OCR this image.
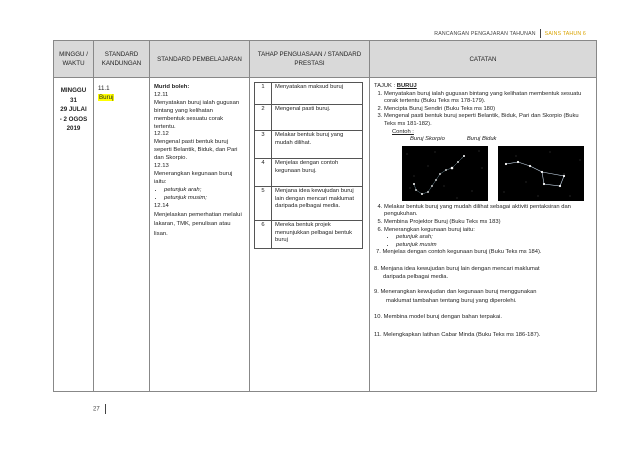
RANCANGAN PENGAJARAN TAHUNAN SAINS TAHUN 6
MINGGU / WAKTU	STANDARD KANDUNGAN	STANDARD PEMBELAJARAN	TAHAP PENGUASAAN / STANDARD PRESTASI	CATATAN

MINGGU
31
29 JULAI
- 2 OGOS
2019

11.1
Buruj

Murid boleh:
12.11
Menyatakan buruj ialah gugusan bintang yang kelihatan membentuk sesuatu corak tertentu.
12.12
Mengenal pasti bentuk buruj seperti Belantik, Biduk, dan Pari dan Skorpio.
12.13
Menerangkan kegunaan buruj iaitu:
• petunjuk arah;
• petunjuk musim;
12.14
Menjelaskan pemerhatian melalui lakaran, TMK, penulisan atau lisan.

1	Menyatakan maksud buruj
2	Mengenal pasti buruj.
3	Melakar bentuk buruj yang mudah dilihat.
4	Menjelas dengan contoh kegunaan buruj.
5	Menjana idea kewujudan buruj lain dengan mencari maklumat daripada pelbagai media.
6	Mereka bentuk projek menunjukkan pelbagai bentuk buruj

TAJUK : BURUJ
1. Menyatakan buruj ialah gugusan bintang yang kelihatan membentuk sesuatu corak tertentu (Buku Teks ms 178-179).
2. Mencipta Buruj Sendiri (Buku Teks ms 180)
3. Mengenal pasti bentuk buruj seperti Belantik, Biduk, Pari dan Skorpio (Buku Teks ms 181-182).
Contoh :
Buruj Skorpio	Buruj Biduk
4. Melakar bentuk buruj yang mudah dilihat sebagai aktiviti pentaksiran dan pengukuhan.
5. Membina Projektor Buruj (Buku Teks ms 183)
6. Menerangkan kegunaan buruj iaitu:
• petunjuk arah;
• petunjuk musim
7. Menjelas dengan contoh kegunaan buruj (Buku Teks ms 184).
8. Menjana idea kewujudan buruj lain dengan mencari maklumat
daripada pelbagai media.
9. Menerangkan kewujudan dan kegunaan buruj menggunakan
maklumat tambahan tentang buruj yang diperolehi.
10. Membina model buruj dengan bahan terpakai.
11. Melengkapkan latihan Cabar Minda (Buku Teks ms 186-187).
27
